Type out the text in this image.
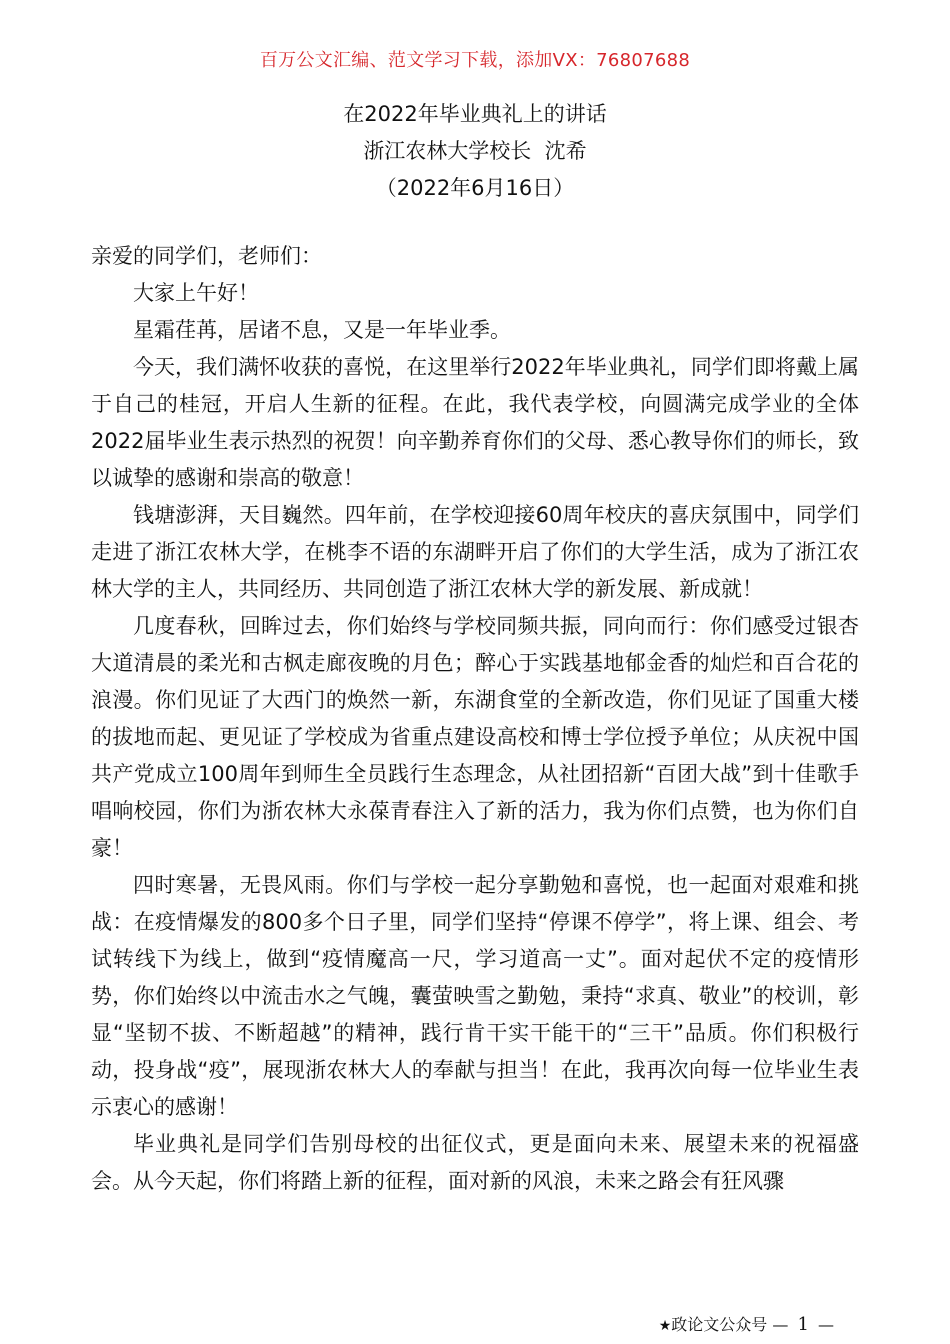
百万公文汇编、范文学习下载，添加VX：76807688
在2022年毕业典礼上的讲话
浙江农林大学校长  沈希
（2022年6月16日）

亲爱的同学们，老师们：

大家上午好！

星霜荏苒，居诸不息，又是一年毕业季。

今天，我们满怀收获的喜悦，在这里举行2022年毕业典礼，同学们即将戴上属于自己的桂冠，开启人生新的征程。在此，我代表学校，向圆满完成学业的全体2022届毕业生表示热烈的祝贺！向辛勤养育你们的父母、悉心教导你们的师长，致以诚挚的感谢和崇高的敬意！

钱塘澎湃，天目巍然。四年前，在学校迎接60周年校庆的喜庆氛围中，同学们走进了浙江农林大学，在桃李不语的东湖畔开启了你们的大学生活，成为了浙江农林大学的主人，共同经历、共同创造了浙江农林大学的新发展、新成就！

几度春秋，回眸过去，你们始终与学校同频共振，同向而行：你们感受过银杏大道清晨的柔光和古枫走廊夜晚的月色；醉心于实践基地郁金香的灿烂和百合花的浪漫。你们见证了大西门的焕然一新，东湖食堂的全新改造，你们见证了国重大楼的拔地而起、更见证了学校成为省重点建设高校和博士学位授予单位；从庆祝中国共产党成立100周年到师生全员践行生态理念，从社团招新“百团大战”到十佳歌手唱响校园，你们为浙农林大永葆青春注入了新的活力，我为你们点赞，也为你们自豪！

四时寒暑，无畏风雨。你们与学校一起分享勤勉和喜悦，也一起面对艰难和挑战：在疫情爆发的800多个日子里，同学们坚持“停课不停学”，将上课、组会、考试转线下为线上，做到“疫情魔高一尺，学习道高一丈”。面对起伏不定的疫情形势，你们始终以中流击水之气魄，囊萤映雪之勤勉，秉持“求真、敬业”的校训，彰显“坚韧不拔、不断超越”的精神，践行肯干实干能干的“三干”品质。你们积极行动，投身战“疫”，展现浙农林大人的奉献与担当！在此，我再次向每一位毕业生表示衷心的感谢！

毕业典礼是同学们告别母校的出征仪式，更是面向未来、展望未来的祝福盛会。从今天起，你们将踏上新的征程，面对新的风浪，未来之路会有狂风骤

★政论文公众号 — 1 —
